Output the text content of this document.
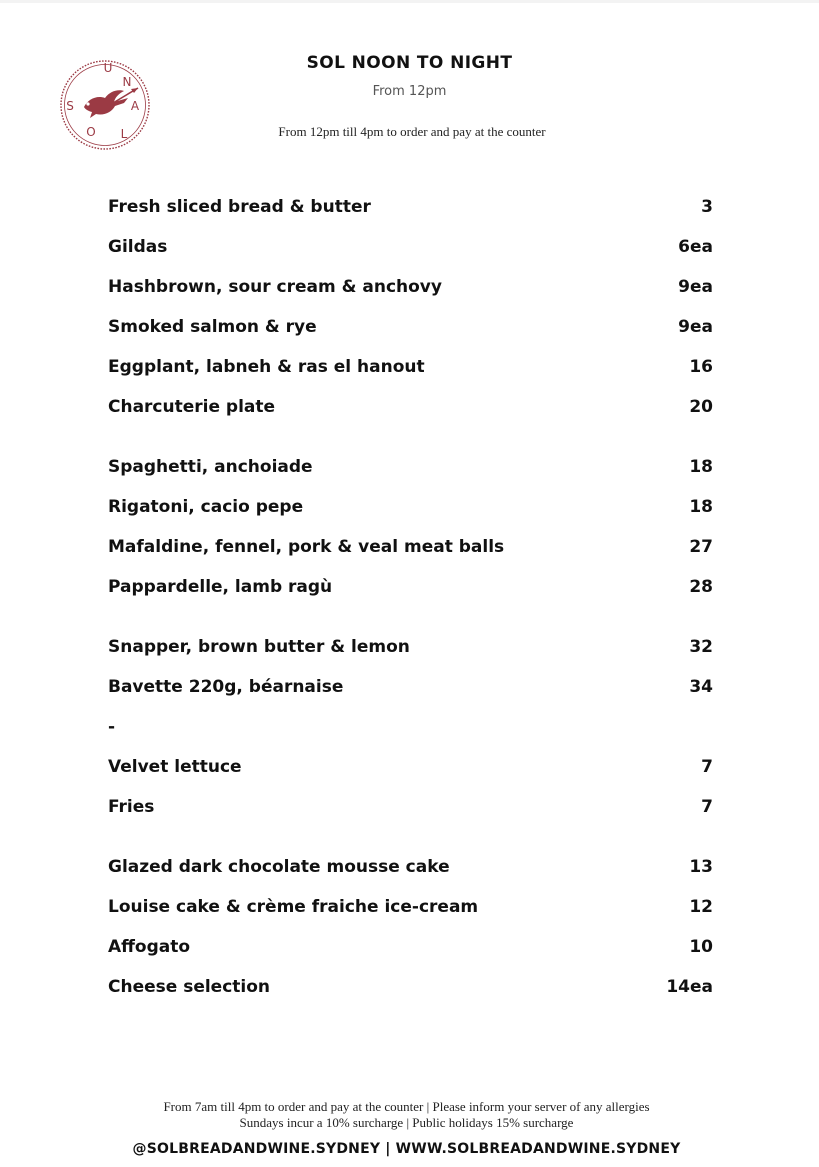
U
N
A
L
O
S
SOL NOON TO NIGHT
From 12pm
From 12pm till 4pm to order and pay at the counter
Fresh sliced bread & butter	3
Gildas	6ea
Hashbrown, sour cream & anchovy	9ea
Smoked salmon & rye	9ea
Eggplant, labneh & ras el hanout	16
Charcuterie plate	20
Spaghetti, anchoiade	18
Rigatoni, cacio pepe	18
Mafaldine, fennel, pork & veal meat balls	27
Pappardelle, lamb ragù	28
Snapper, brown butter & lemon	32
Bavette 220g, béarnaise	34
-
Velvet lettuce	7
Fries	7
Glazed dark chocolate mousse cake	13
Louise cake & crème fraiche ice-cream	12
Affogato	10
Cheese selection	14ea
From 7am till 4pm to order and pay at the counter | Please inform your server of any allergies
Sundays incur a 10% surcharge | Public holidays 15% surcharge
@SOLBREADANDWINE.SYDNEY | WWW.SOLBREADANDWINE.SYDNEY
